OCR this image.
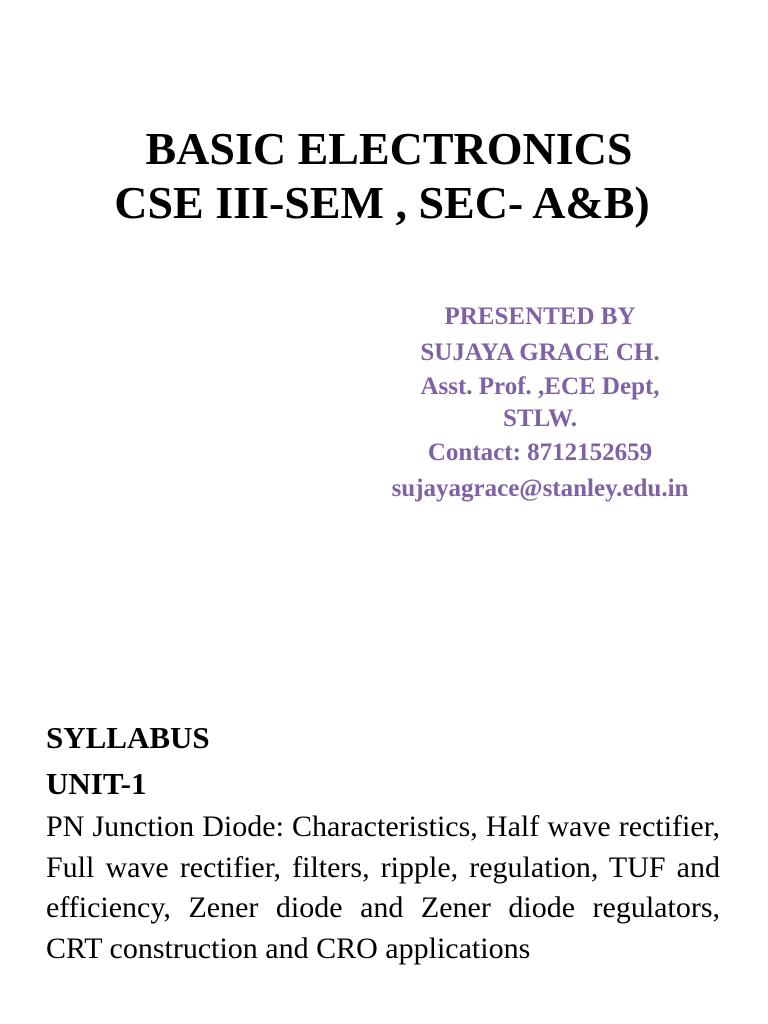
BASIC ELECTRONICS
CSE III-SEM , SEC- A&B)
PRESENTED BY
SUJAYA GRACE CH.
Asst. Prof. ,ECE Dept,
STLW.
Contact: 8712152659
sujayagrace@stanley.edu.in
SYLLABUS
UNIT-1
PN Junction Diode: Characteristics, Half wave rectifier, Full wave rectifier, filters, ripple, regulation, TUF and efficiency, Zener diode and Zener diode regulators, CRT construction and CRO applications
